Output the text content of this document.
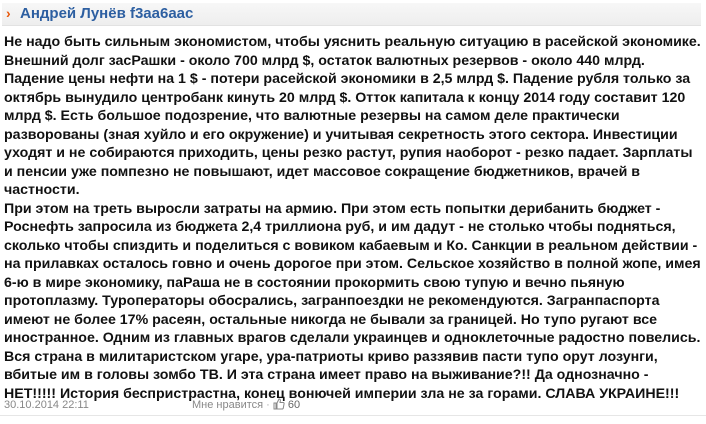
› Андрей Лунёв f3aa6aac

Не надо быть сильным экономистом, чтобы уяснить реальную ситуацию в расейской экономике. Внешний долг засРашки - около 700 млрд $, остаток валютных резервов - около 440 млрд. Падение цены нефти на 1 $ - потери расейской экономики в 2,5 млрд $. Падение рубля только за октябрь вынудило центробанк кинуть 20 млрд $. Отток капитала к концу 2014 году составит 120 млрд $. Есть большое подозрение, что валютные резервы на самом деле практически разворованы (зная хуйло и его окружение) и учитывая секретность этого сектора. Инвестиции уходят и не собираются приходить, цены резко растут, рупия наоборот - резко падает. Зарплаты и пенсии уже помпезно не повышают, идет массовое сокращение бюджетников, врачей в частности.

При этом на треть выросли затраты на армию. При этом есть попытки дерибанить бюджет - Роснефть запросила из бюджета 2,4 триллиона руб, и им дадут - не столько чтобы подняться, сколько чтобы спиздить и поделиться с вовиком кабаевым и Ко. Санкции в реальном действии - на прилавках осталось говно и очень дорогое при этом. Сельское хозяйство в полной жопе, имея 6-ю в мире экономику, паРаша не в состоянии прокормить свою тупую и вечно пьяную протоплазму. Туроператоры обосрались, загранпоездки не рекомендуются. Загранпаспорта имеют не более 17% расеян, остальные никогда не бывали за границей. Но тупо ругают все иностранное. Одним из главных врагов сделали украинцев и одноклеточные радостно повелись. Вся страна в милитаристском угаре, ура-патриоты криво раззявив пасти тупо орут лозунги, вбитые им в головы зомбо ТВ. И эта страна имеет право на выживание?!! Да однозначно - НЕТ!!!!! История беспристрастна, конец вонючей империи зла не за горами. СЛАВА УКРАИНЕ!!!

30.10.2014 22:11	Мне нравится · 60
